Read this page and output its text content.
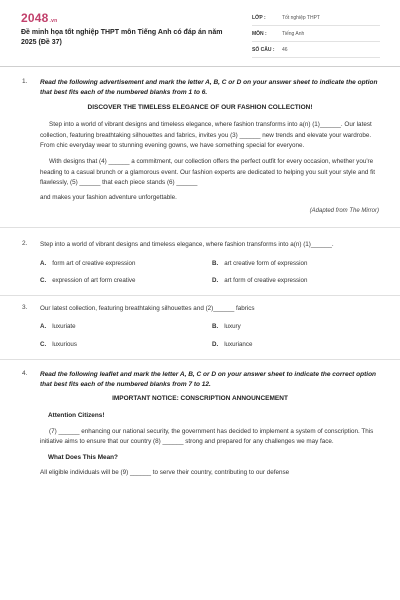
2048.vn
Đề minh họa tốt nghiệp THPT môn Tiếng Anh có đáp án năm 2025 (Đề 37)
LỚP :	Tốt nghiệp THPT
MÔN :	Tiếng Anh
SỐ CÂU :	46
1. Read the following advertisement and mark the letter A, B, C or D on your answer sheet to indicate the option that best fits each of the numbered blanks from 1 to 6.
DISCOVER THE TIMELESS ELEGANCE OF OUR FASHION COLLECTION!
Step into a world of vibrant designs and timeless elegance, where fashion transforms into a(n) (1)______. Our latest collection, featuring breathtaking silhouettes and fabrics, invites you (3) ______ new trends and elevate your wardrobe. From chic everyday wear to stunning evening gowns, we have something special for everyone.
With designs that (4) ______ a commitment, our collection offers the perfect outfit for every occasion, whether you're heading to a casual brunch or a glamorous event. Our fashion experts are dedicated to helping you suit your style and fit flawlessly, (5) ______ that each piece stands (6) ______
and makes your fashion adventure unforgettable.
(Adapted from The Mirror)
2. Step into a world of vibrant designs and timeless elegance, where fashion transforms into a(n) (1)______.
A. form art of creative expression	B. art creative form of expression
C. expression of art form creative	D. art form of creative expression
3. Our latest collection, featuring breathtaking silhouettes and (2)______ fabrics
A. luxuriate	B. luxury
C. luxurious	D. luxuriance
4. Read the following leaflet and mark the letter A, B, C or D on your answer sheet to indicate the correct option that best fits each of the numbered blanks from 7 to 12.
IMPORTANT NOTICE: CONSCRIPTION ANNOUNCEMENT
Attention Citizens!
(7) ______ enhancing our national security, the government has decided to implement a system of conscription. This initiative aims to ensure that our country (8) ______ strong and prepared for any challenges we may face.
What Does This Mean?
All eligible individuals will be (9) ______ to serve their country, contributing to our defense
